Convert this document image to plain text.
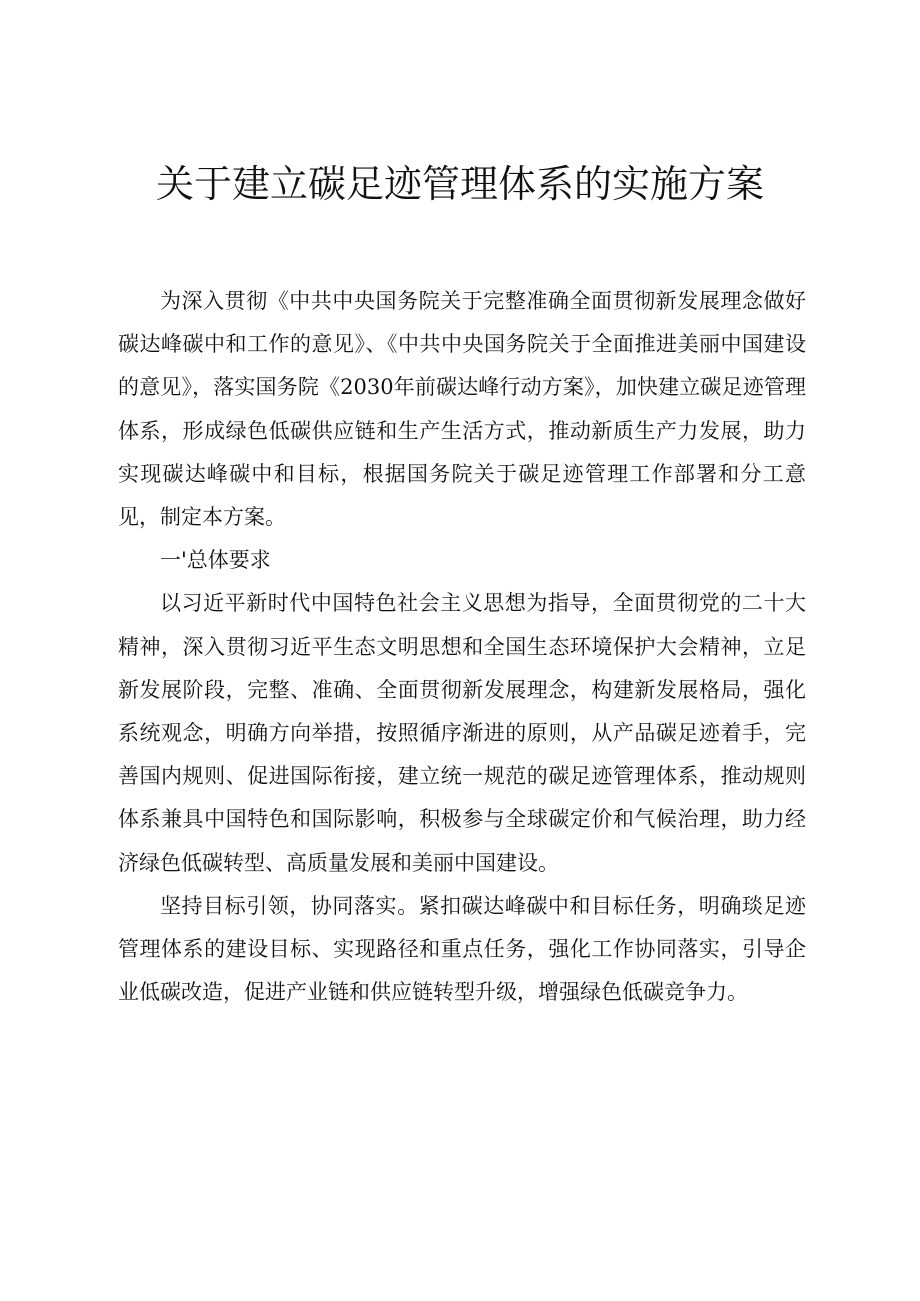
关于建立碳足迹管理体系的实施方案

为深入贯彻《中共中央国务院关于完整准确全面贯彻新发展理念做好碳达峰碳中和工作的意见》、《中共中央国务院关于全面推进美丽中国建设的意见》，落实国务院《2030年前碳达峰行动方案》，加快建立碳足迹管理体系，形成绿色低碳供应链和生产生活方式，推动新质生产力发展，助力实现碳达峰碳中和目标，根据国务院关于碳足迹管理工作部署和分工意见，制定本方案。

一'总体要求

以习近平新时代中国特色社会主义思想为指导，全面贯彻党的二十大精神，深入贯彻习近平生态文明思想和全国生态环境保护大会精神，立足新发展阶段，完整、准确、全面贯彻新发展理念，构建新发展格局，强化系统观念，明确方向举措，按照循序渐进的原则，从产品碳足迹着手，完善国内规则、促进国际衔接，建立统一规范的碳足迹管理体系，推动规则体系兼具中国特色和国际影响，积极参与全球碳定价和气候治理，助力经济绿色低碳转型、高质量发展和美丽中国建设。

坚持目标引领，协同落实。紧扣碳达峰碳中和目标任务，明确琰足迹管理体系的建设目标、实现路径和重点任务，强化工作协同落实，引导企业低碳改造，促进产业链和供应链转型升级，增强绿色低碳竞争力。
